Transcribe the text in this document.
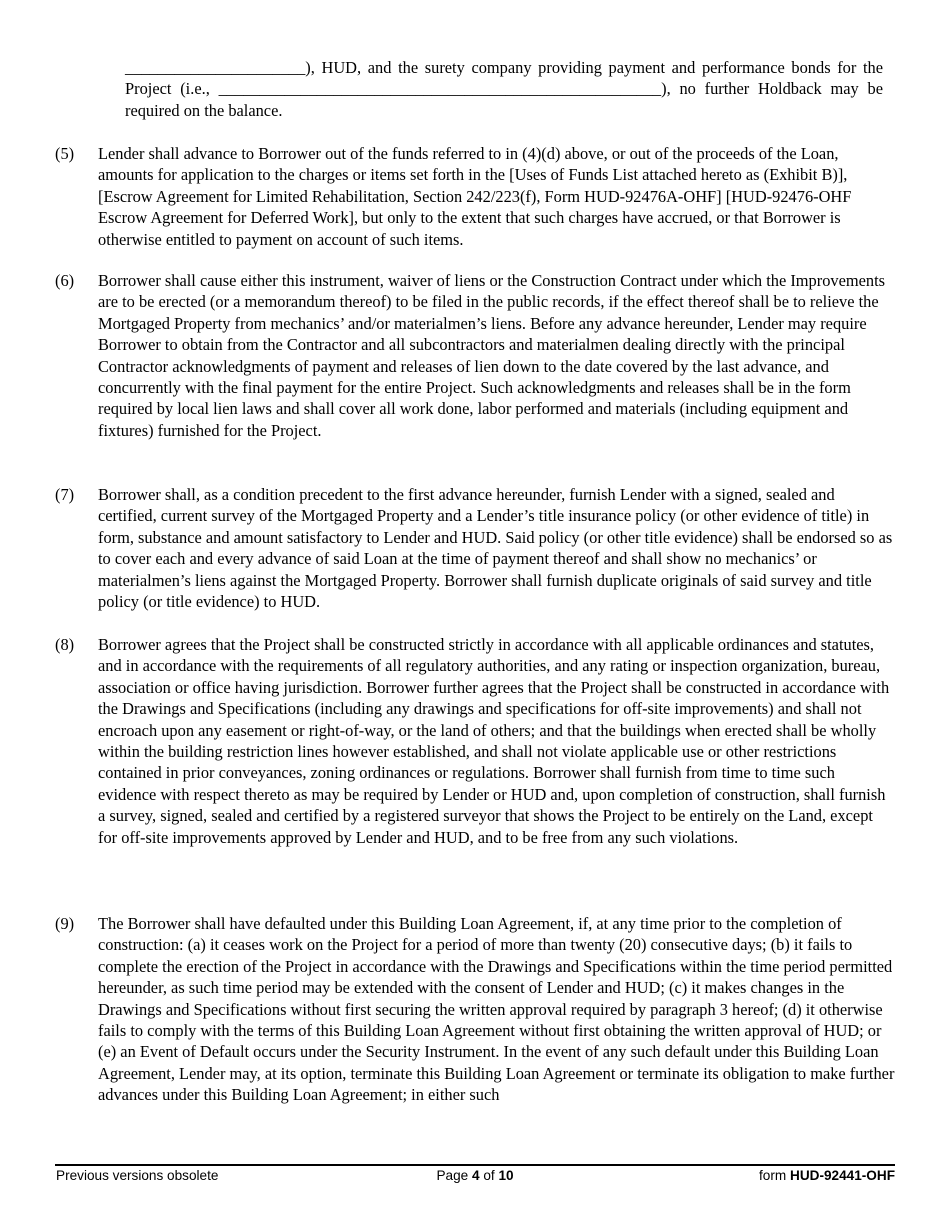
______________________), HUD, and the surety company providing payment and performance bonds for the Project (i.e., ______________________________________________________), no further Holdback may be required on the balance.
(5) Lender shall advance to Borrower out of the funds referred to in (4)(d) above, or out of the proceeds of the Loan, amounts for application to the charges or items set forth in the [Uses of Funds List attached hereto as (Exhibit B)], [Escrow Agreement for Limited Rehabilitation, Section 242/223(f), Form HUD-92476A-OHF] [HUD-92476-OHF Escrow Agreement for Deferred Work], but only to the extent that such charges have accrued, or that Borrower is otherwise entitled to payment on account of such items.
(6) Borrower shall cause either this instrument, waiver of liens or the Construction Contract under which the Improvements are to be erected (or a memorandum thereof) to be filed in the public records, if the effect thereof shall be to relieve the Mortgaged Property from mechanics’ and/or materialmen’s liens. Before any advance hereunder, Lender may require Borrower to obtain from the Contractor and all subcontractors and materialmen dealing directly with the principal Contractor acknowledgments of payment and releases of lien down to the date covered by the last advance, and concurrently with the final payment for the entire Project. Such acknowledgments and releases shall be in the form required by local lien laws and shall cover all work done, labor performed and materials (including equipment and fixtures) furnished for the Project.
(7) Borrower shall, as a condition precedent to the first advance hereunder, furnish Lender with a signed, sealed and certified, current survey of the Mortgaged Property and a Lender’s title insurance policy (or other evidence of title) in form, substance and amount satisfactory to Lender and HUD. Said policy (or other title evidence) shall be endorsed so as to cover each and every advance of said Loan at the time of payment thereof and shall show no mechanics’ or materialmen’s liens against the Mortgaged Property. Borrower shall furnish duplicate originals of said survey and title policy (or title evidence) to HUD.
(8) Borrower agrees that the Project shall be constructed strictly in accordance with all applicable ordinances and statutes, and in accordance with the requirements of all regulatory authorities, and any rating or inspection organization, bureau, association or office having jurisdiction. Borrower further agrees that the Project shall be constructed in accordance with the Drawings and Specifications (including any drawings and specifications for off-site improvements) and shall not encroach upon any easement or right-of-way, or the land of others; and that the buildings when erected shall be wholly within the building restriction lines however established, and shall not violate applicable use or other restrictions contained in prior conveyances, zoning ordinances or regulations. Borrower shall furnish from time to time such evidence with respect thereto as may be required by Lender or HUD and, upon completion of construction, shall furnish a survey, signed, sealed and certified by a registered surveyor that shows the Project to be entirely on the Land, except for off-site improvements approved by Lender and HUD, and to be free from any such violations.
(9) The Borrower shall have defaulted under this Building Loan Agreement, if, at any time prior to the completion of construction: (a) it ceases work on the Project for a period of more than twenty (20) consecutive days; (b) it fails to complete the erection of the Project in accordance with the Drawings and Specifications within the time period permitted hereunder, as such time period may be extended with the consent of Lender and HUD; (c) it makes changes in the Drawings and Specifications without first securing the written approval required by paragraph 3 hereof; (d) it otherwise fails to comply with the terms of this Building Loan Agreement without first obtaining the written approval of HUD; or (e) an Event of Default occurs under the Security Instrument. In the event of any such default under this Building Loan Agreement, Lender may, at its option, terminate this Building Loan Agreement or terminate its obligation to make further advances under this Building Loan Agreement; in either such
Previous versions obsolete	Page 4 of 10	form HUD-92441-OHF
